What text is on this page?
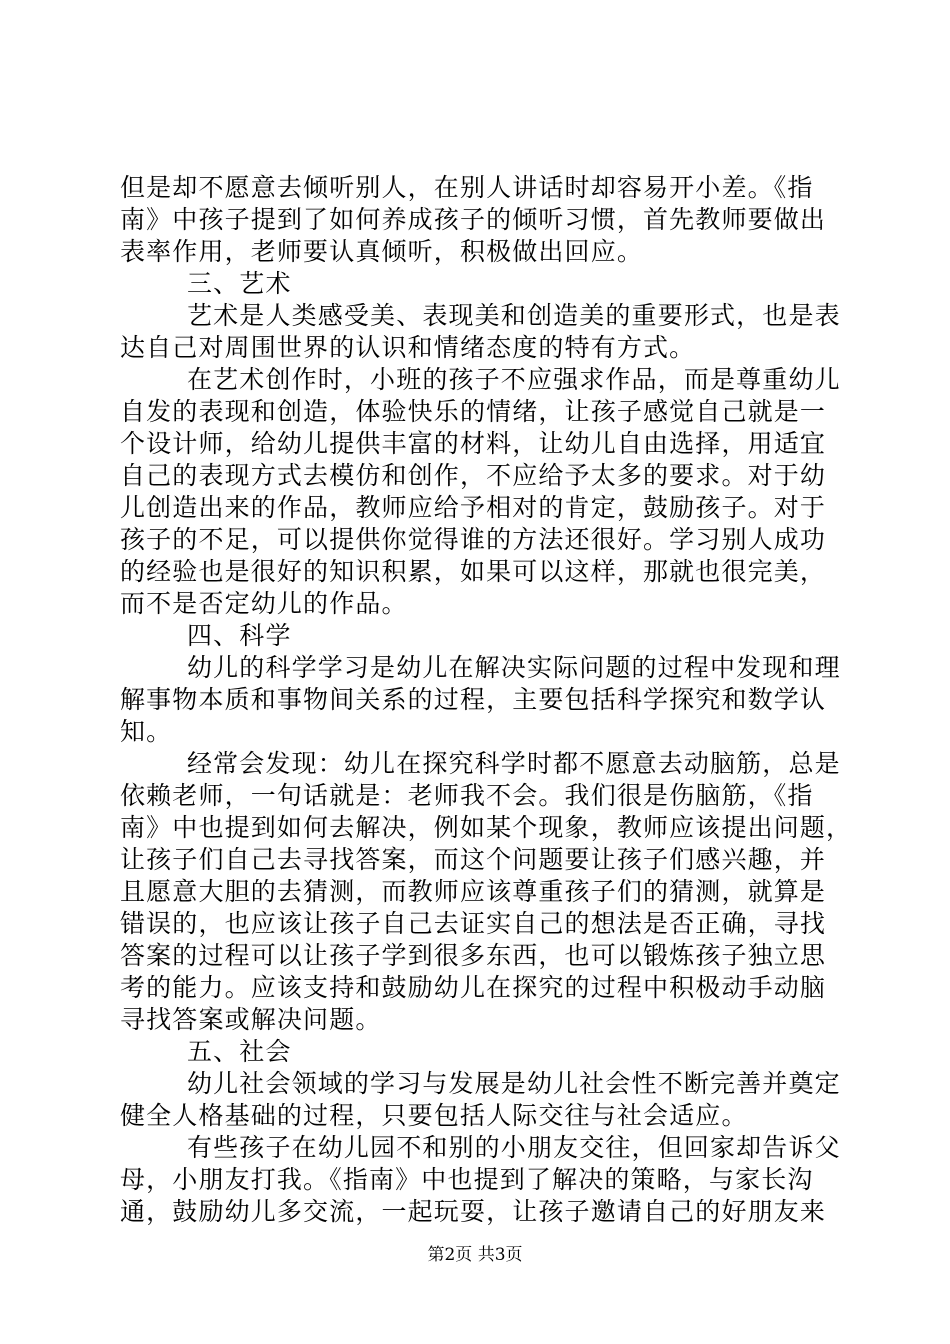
但是却不愿意去倾听别人，在别人讲话时却容易开小差。《指
南》中孩子提到了如何养成孩子的倾听习惯，首先教师要做出
表率作用，老师要认真倾听，积极做出回应。
三、艺术
艺术是人类感受美、表现美和创造美的重要形式，也是表
达自己对周围世界的认识和情绪态度的特有方式。
在艺术创作时，小班的孩子不应强求作品，而是尊重幼儿
自发的表现和创造，体验快乐的情绪，让孩子感觉自己就是一
个设计师，给幼儿提供丰富的材料，让幼儿自由选择，用适宜
自己的表现方式去模仿和创作，不应给予太多的要求。对于幼
儿创造出来的作品，教师应给予相对的肯定，鼓励孩子。对于
孩子的不足，可以提供你觉得谁的方法还很好。学习别人成功
的经验也是很好的知识积累，如果可以这样，那就也很完美，
而不是否定幼儿的作品。
四、科学
幼儿的科学学习是幼儿在解决实际问题的过程中发现和理
解事物本质和事物间关系的过程，主要包括科学探究和数学认
知。
经常会发现：幼儿在探究科学时都不愿意去动脑筋，总是
依赖老师，一句话就是：老师我不会。我们很是伤脑筋，《指
南》中也提到如何去解决，例如某个现象，教师应该提出问题，
让孩子们自己去寻找答案，而这个问题要让孩子们感兴趣，并
且愿意大胆的去猜测，而教师应该尊重孩子们的猜测，就算是
错误的，也应该让孩子自己去证实自己的想法是否正确，寻找
答案的过程可以让孩子学到很多东西，也可以锻炼孩子独立思
考的能力。应该支持和鼓励幼儿在探究的过程中积极动手动脑
寻找答案或解决问题。
五、社会
幼儿社会领域的学习与发展是幼儿社会性不断完善并奠定
健全人格基础的过程，只要包括人际交往与社会适应。
有些孩子在幼儿园不和别的小朋友交往，但回家却告诉父
母，小朋友打我。《指南》中也提到了解决的策略，与家长沟
通，鼓励幼儿多交流，一起玩耍，让孩子邀请自己的好朋友来
第2页 共3页
